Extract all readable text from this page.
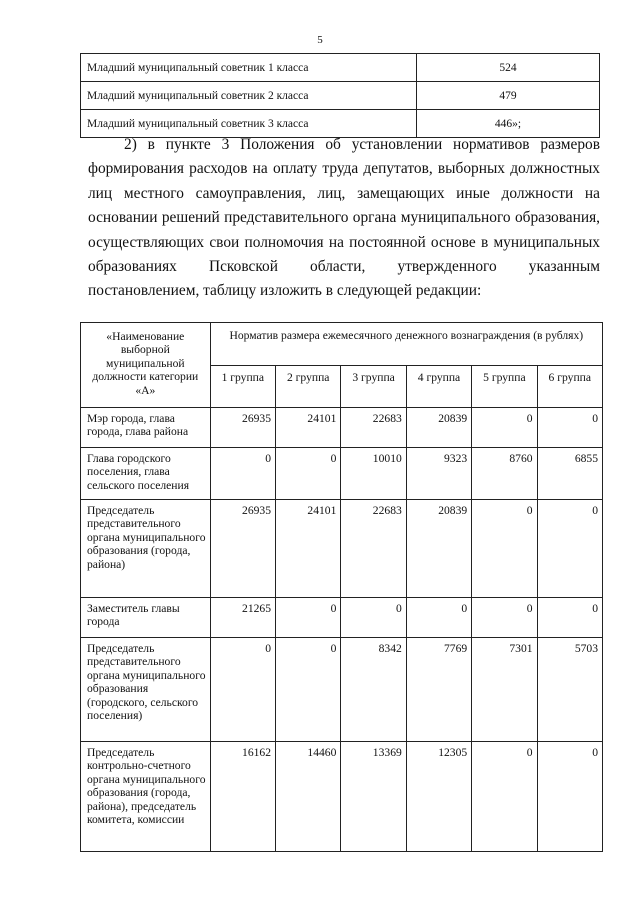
5
Младший муниципальный советник 1 класса	524
Младший муниципальный советник 2 класса	479
Младший муниципальный советник 3 класса	446»;

2) в пункте 3 Положения об установлении нормативов размеров формирования расходов на оплату труда депутатов, выборных должностных лиц местного самоуправления, лиц, замещающих иные должности на основании решений представительного органа муниципального образования, осуществляющих свои полномочия на постоянной основе в муниципальных образованиях Псковской области, утвержденного указанным постановлением, таблицу изложить в следующей редакции:

«Наименование выборной муниципальной должности категории «А»	Норматив размера ежемесячного денежного вознаграждения (в рублях)					
	1 группа	2 группа	3 группа	4 группа	5 группа	6 группа
Мэр города, глава города, глава района	26935	24101	22683	20839	0	0
Глава городского поселения, глава сельского поселения	0	0	10010	9323	8760	6855
Председатель представительного органа муниципального образования (города, района)	26935	24101	22683	20839	0	0
Заместитель главы города	21265	0	0	0	0	0
Председатель представительного органа муниципального образования (городского, сельского поселения)	0	0	8342	7769	7301	5703
Председатель контрольно-счетного органа муниципального образования (города, района), председатель комитета, комиссии	16162	14460	13369	12305	0	0
